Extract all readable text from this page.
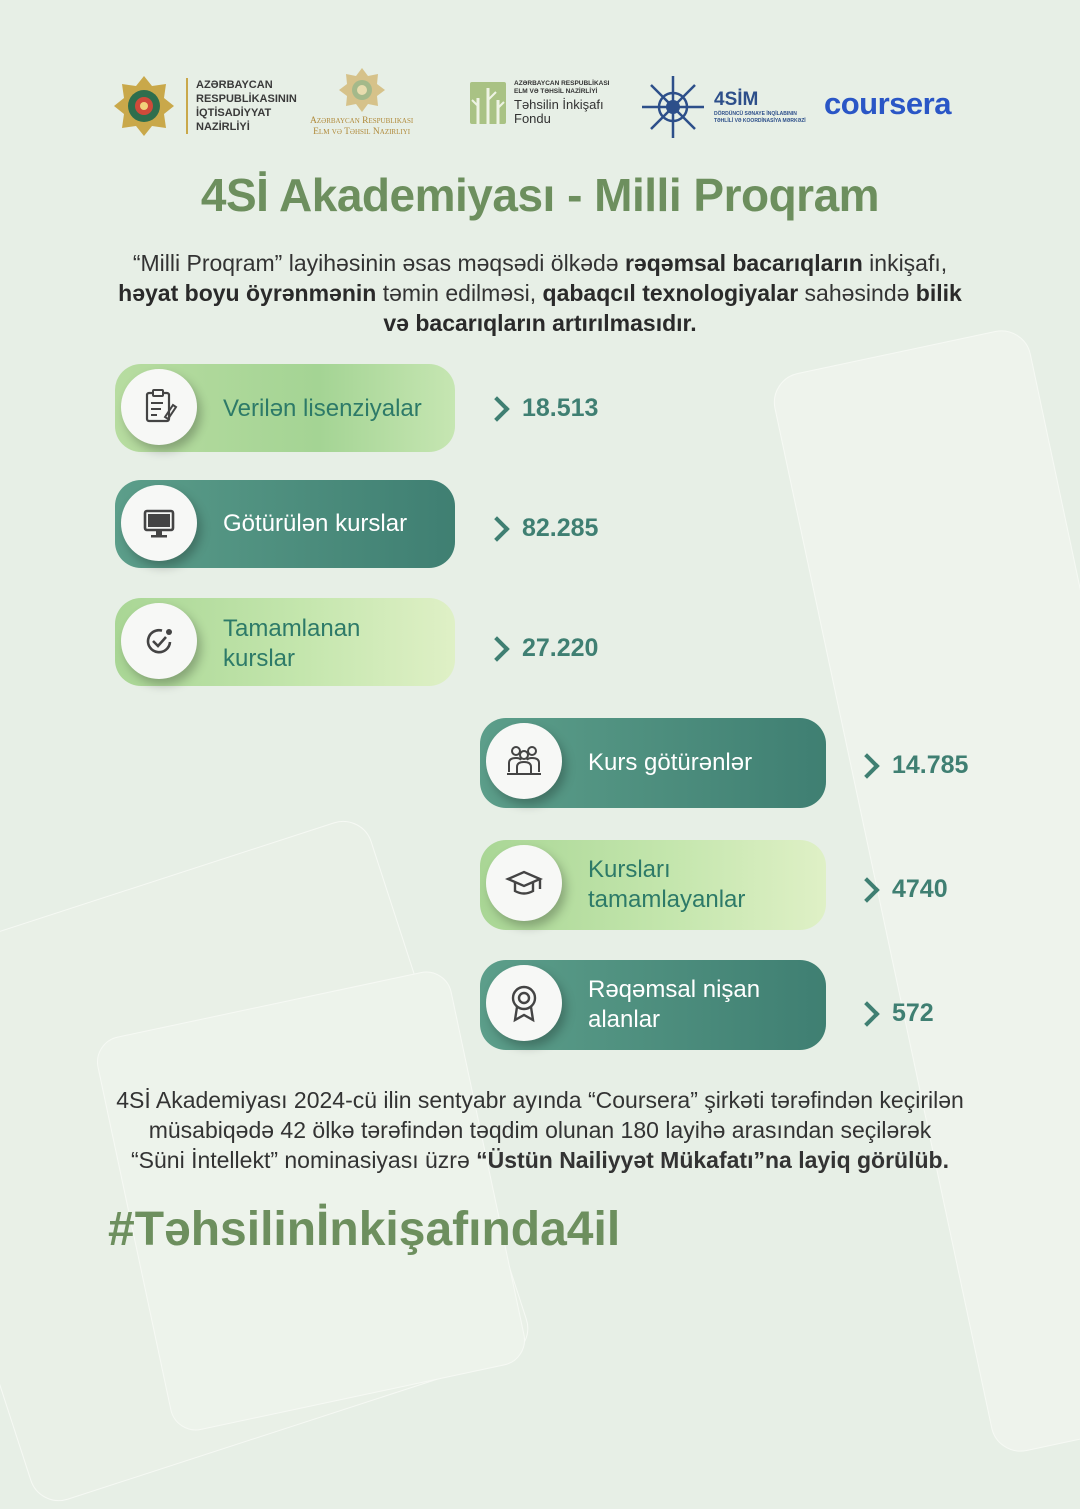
AZƏRBAYCAN
RESPUBLİKASININ
İQTİSADİYYAT
NAZİRLİYİ	Azərbaycan Respublikası
Elm və Təhsil Nazirliyi
AZƏRBAYCAN RESPUBLİKASI ELM VƏ TƏHSİL NAZİRLİYİ
Təhsilin İnkişafı
Fondu
4SİM
DÖRDÜNCÜ SƏNAYE İNQİLABININ TƏHLİLİ VƏ KOORDİNASİYA MƏRKƏZİ coursera
4Sİ Akademiyası - Milli Proqram
“Milli Proqram” layihəsinin əsas məqsədi ölkədə rəqəmsal bacarıqların inkişafı,
həyat boyu öyrənmənin təmin edilməsi, qabaqcıl texnologiyalar sahəsində bilik
və bacarıqların artırılmasıdır.
Verilən lisenziyalar	18.513
Götürülən kurslar	82.285
Tamamlanan kurslar	27.220
Kurs götürənlər	14.785
Kursları tamamlayanlar	4740
Rəqəmsal nişan alanlar	572
4Sİ Akademiyası 2024-cü ilin sentyabr ayında “Coursera” şirkəti tərəfindən keçirilən
müsabiqədə 42 ölkə tərəfindən təqdim olunan 180 layihə arasından seçilərək
“Süni İntellekt” nominasiyası üzrə “Üstün Nailiyyət Mükafatı”na layiq görülüb.
#Təhsilinİnkişafında4il
